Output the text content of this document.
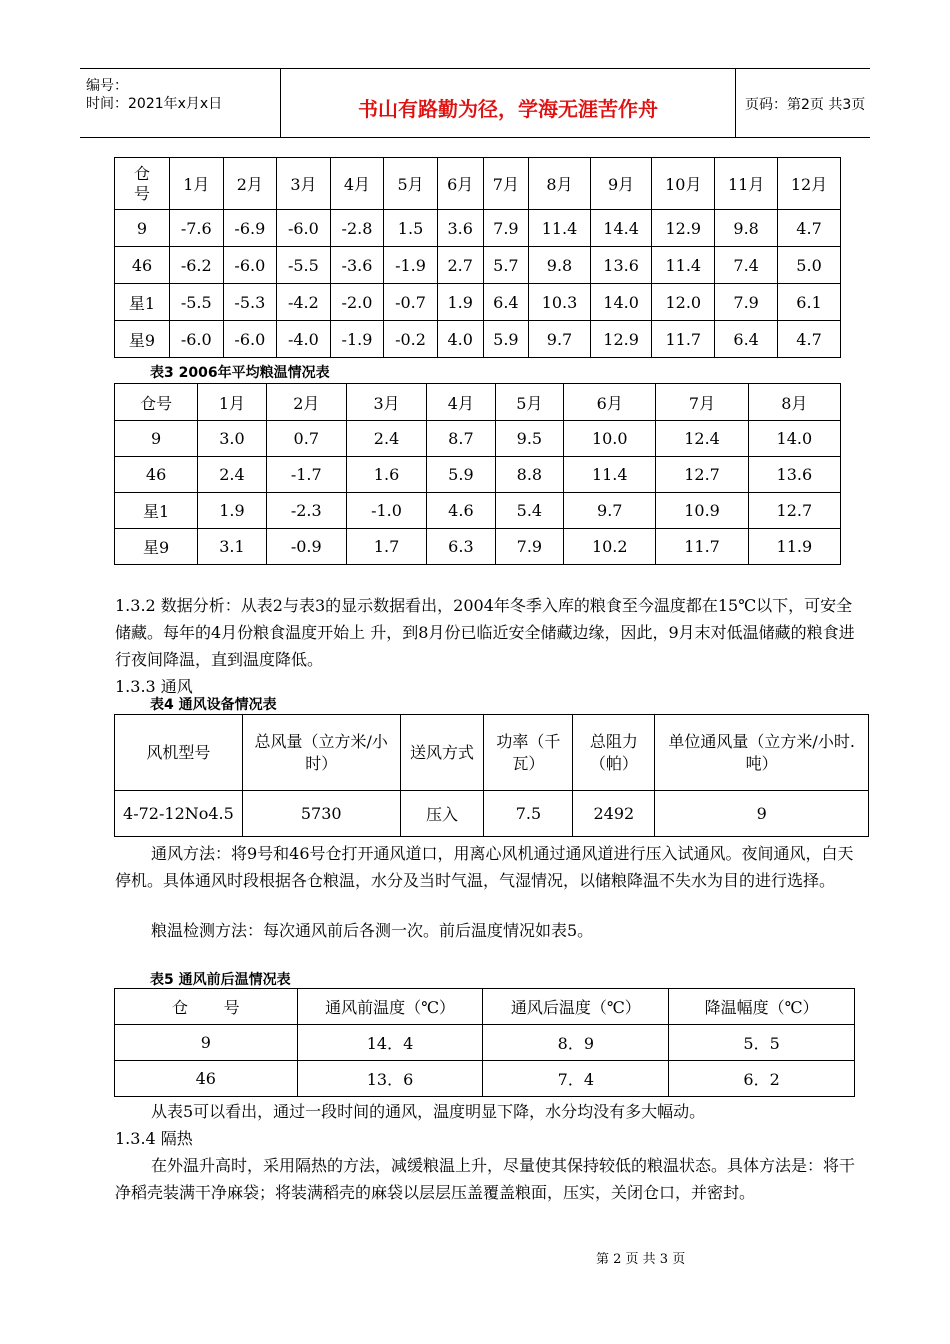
编号：
时间：2021年x月x日	书山有路勤为径，学海无涯苦作舟	页码：第2页 共3页
仓
号	1月	2月	3月	4月	5月	6月	7月	8月	9月	10月	11月	12月
9	-7.6	-6.9	-6.0	-2.8	1.5	3.6	7.9	11.4	14.4	12.9	9.8	4.7
46	-6.2	-6.0	-5.5	-3.6	-1.9	2.7	5.7	9.8	13.6	11.4	7.4	5.0
星1	-5.5	-5.3	-4.2	-2.0	-0.7	1.9	6.4	10.3	14.0	12.0	7.9	6.1
星9	-6.0	-6.0	-4.0	-1.9	-0.2	4.0	5.9	9.7	12.9	11.7	6.4	4.7
表3 2006年平均粮温情况表
仓号	1月	2月	3月	4月	5月	6月	7月	8月
9	3.0	0.7	2.4	8.7	9.5	10.0	12.4	14.0
46	2.4	-1.7	1.6	5.9	8.8	11.4	12.7	13.6
星1	1.9	-2.3	-1.0	4.6	5.4	9.7	10.9	12.7
星9	3.1	-0.9	1.7	6.3	7.9	10.2	11.7	11.9

1.3.2 数据分析：从表2与表3的显示数据看出，2004年冬季入库的粮食至今温度都在15℃以下，可安全储藏。每年的4月份粮食温度开始上 升，到8月份已临近安全储藏边缘，因此，9月末对低温储藏的粮食进行夜间降温，直到温度降低。

1.3.3 通风

表4 通风设备情况表
风机型号	总风量（立方米/小时）	送风方式	功率（千瓦）	总阻力（帕）	单位通风量（立方米/小时.吨）
4-72-12No4.5	5730	压入	7.5	2492	9

通风方法：将9号和46号仓打开通风道口，用离心风机通过通风道进行压入试通风。夜间通风，白天停机。具体通风时段根据各仓粮温，水分及当时气温，气湿情况，以储粮降温不失水为目的进行选择。

粮温检测方法：每次通风前后各测一次。前后温度情况如表5。

表5 通风前后温情况表
仓       号	通风前温度（℃）	通风后温度（℃）	降温幅度（℃）
9	14．4	8．9	5．5
46	13．6	7．4	6．2

从表5可以看出，通过一段时间的通风，温度明显下降，水分均没有多大幅动。

1.3.4 隔热

在外温升高时，采用隔热的方法，减缓粮温上升，尽量使其保持较低的粮温状态。具体方法是：将干净稻壳装满干净麻袋；将装满稻壳的麻袋以层层压盖覆盖粮面，压实，关闭仓口，并密封。

第 2 页 共 3 页
